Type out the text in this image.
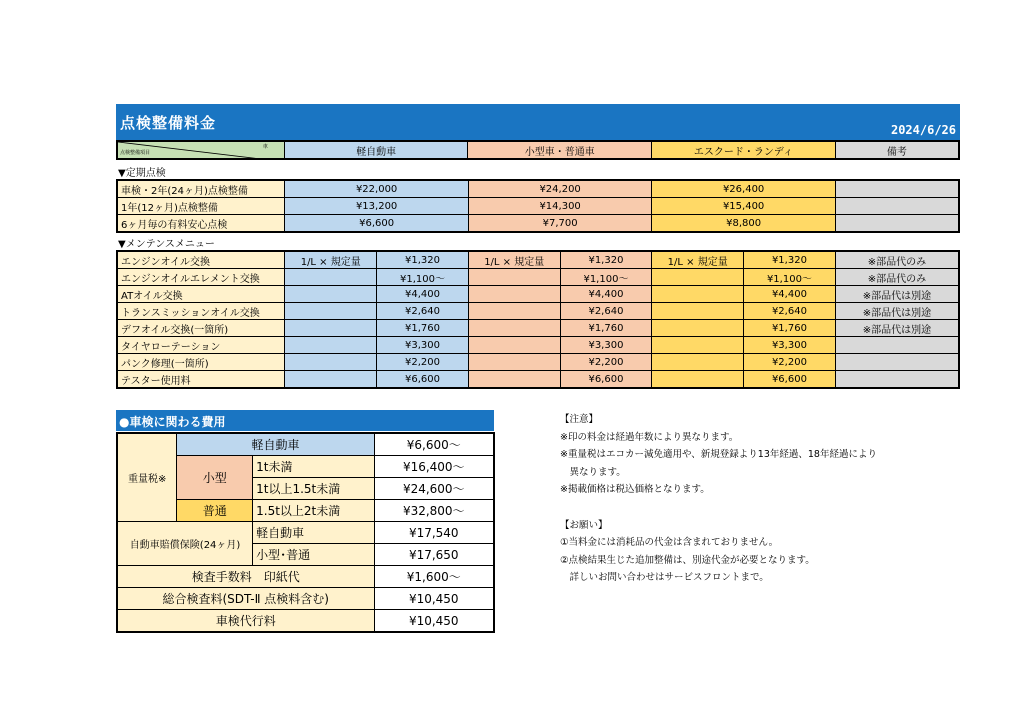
点検整備料金	2024/6/26
車
点検整備項目	軽自動車	小型車・普通車	エスクード・ランディ	備考
▼定期点検
車検・2年(24ヶ月)点検整備	¥22,000	¥24,200	¥26,400	
1年(12ヶ月)点検整備	¥13,200	¥14,300	¥15,400	
6ヶ月毎の有料安心点検	¥6,600	¥7,700	¥8,800	
▼メンテンスメニュー
エンジンオイル交換	1/L × 規定量	¥1,320	1/L × 規定量	¥1,320	1/L × 規定量	¥1,320	※部品代のみ
エンジンオイルエレメント交換		¥1,100～		¥1,100～		¥1,100～	※部品代のみ
ATオイル交換		¥4,400		¥4,400		¥4,400	※部品代は別途
トランスミッションオイル交換		¥2,640		¥2,640		¥2,640	※部品代は別途
デフオイル交換(一箇所)		¥1,760		¥1,760		¥1,760	※部品代は別途
タイヤローテーション		¥3,300		¥3,300		¥3,300	
パンク修理(一箇所)		¥2,200		¥2,200		¥2,200	
テスター使用料		¥6,600		¥6,600		¥6,600	
●車検に関わる費用
重量税※	軽自動車		¥6,600～
	小型	1t未満	¥16,400～
		1t以上1.5t未満	¥24,600～
	普通	1.5t以上2t未満	¥32,800～
自動車賠償保険(24ヶ月)		軽自動車	¥17,540
		小型･普通	¥17,650
検査手数料　印紙代			¥1,600～
総合検査料(SDT-Ⅱ 点検料含む)			¥10,450
車検代行料			¥10,450
【注意】
※印の料金は経過年数により異なります。
※重量税はエコカー減免適用や、新規登録より13年経過、18年経過により
　異なります。
※掲載価格は税込価格となります。

【お願い】
①当料金には消耗品の代金は含まれておりません。
②点検結果生じた追加整備は、別途代金が必要となります。
　詳しいお問い合わせはサービスフロントまで。
